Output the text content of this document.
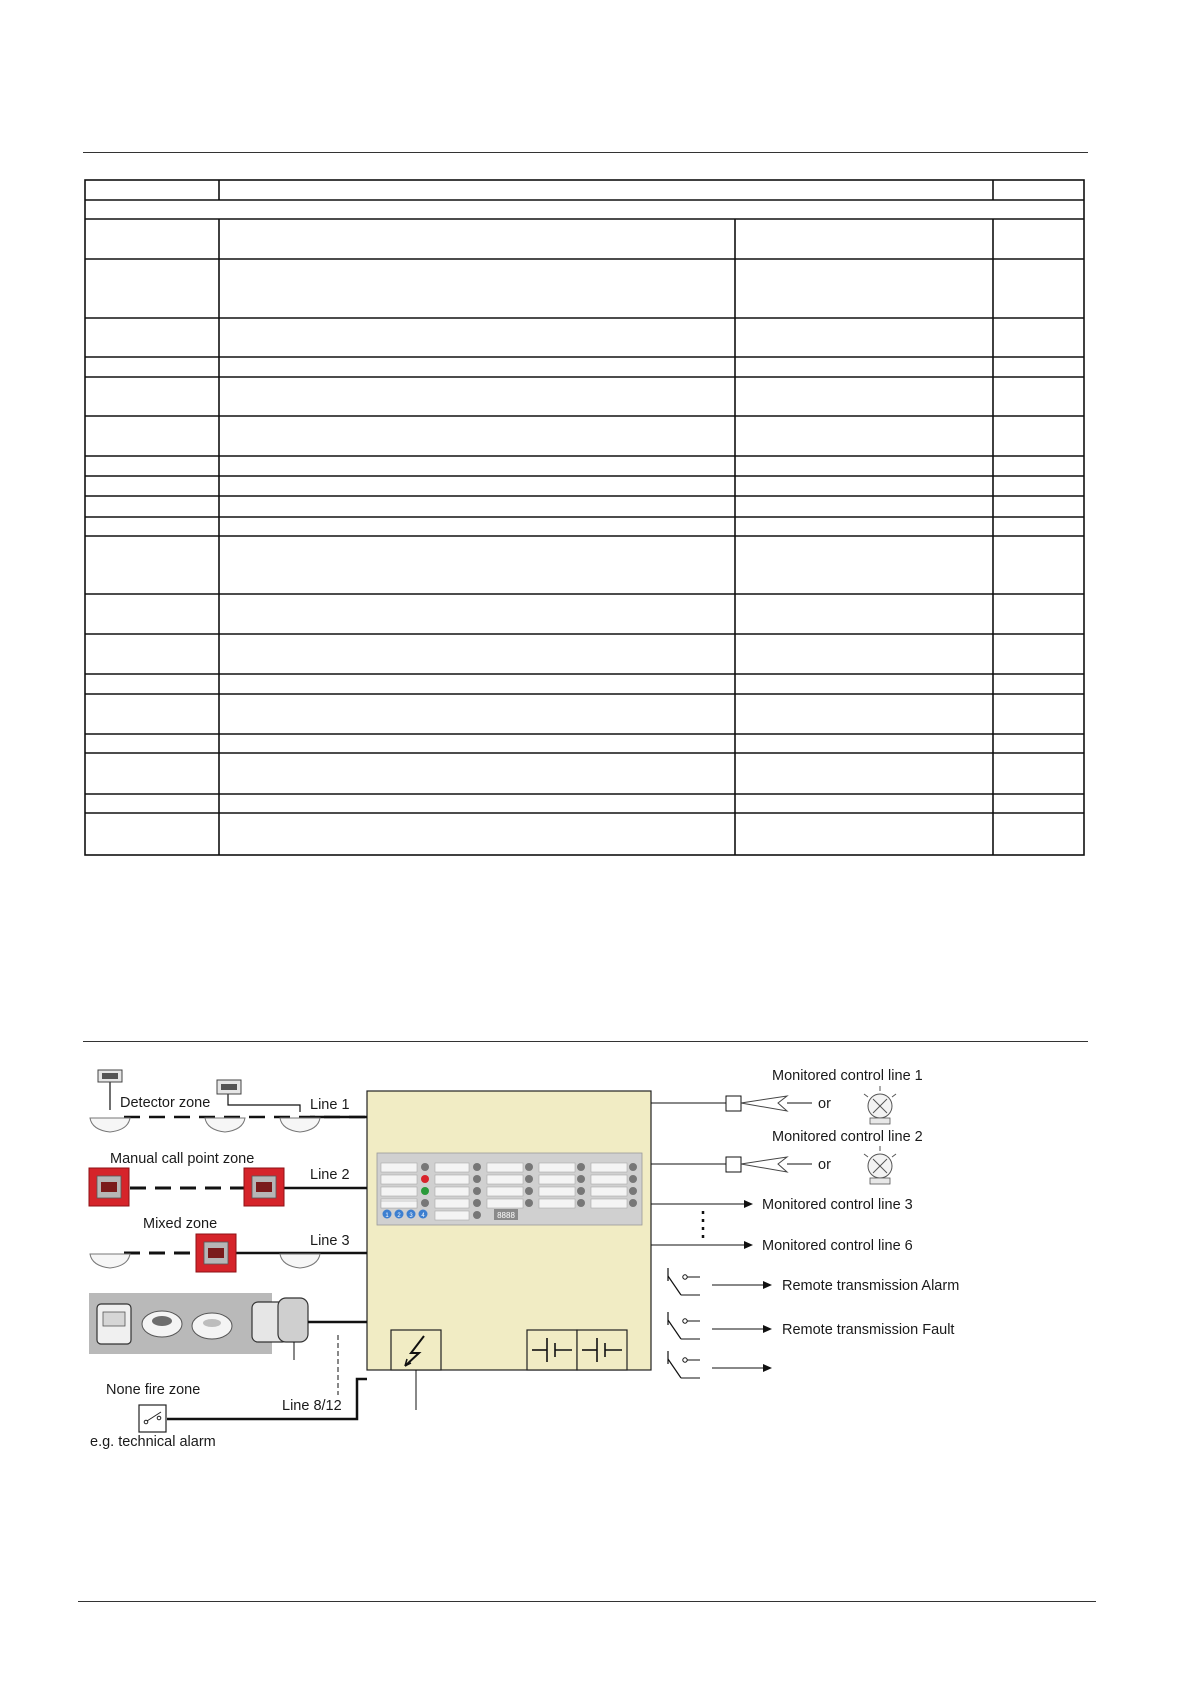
1 2 3 4	8888
Detector zone	Line 1
Manual call point zone
Line 2
Mixed zone
Line 3
None fire zone
Line 8/12
e.g. technical alarm
Monitored control line 1
or
Monitored control line 2
or
Monitored control line 3
Monitored control line 6
Remote transmission Alarm
Remote transmission Fault
